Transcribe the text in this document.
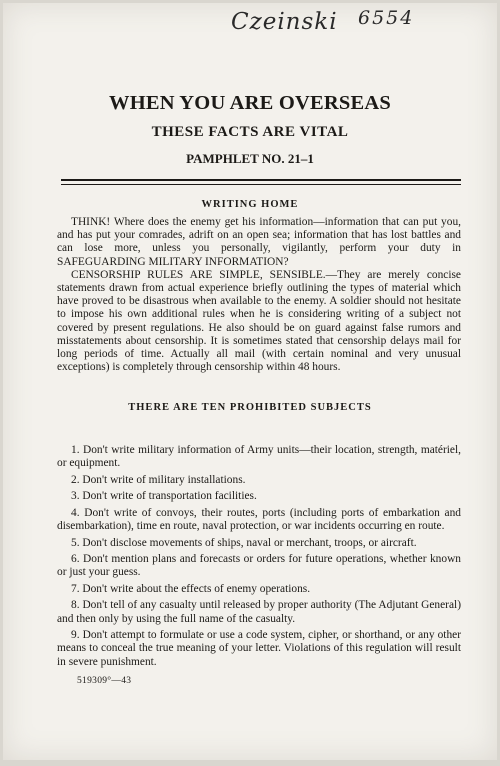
Czeinski 6554
WHEN YOU ARE OVERSEAS
THESE FACTS ARE VITAL
PAMPHLET NO. 21–1
WRITING HOME

THINK! Where does the enemy get his information—information that can put you, and has put your comrades, adrift on an open sea; information that has lost battles and can lose more, unless you personally, vigilantly, perform your duty in SAFEGUARDING MILITARY INFORMATION?

CENSORSHIP RULES ARE SIMPLE, SENSIBLE.—They are merely concise statements drawn from actual experience briefly outlining the types of material which have proved to be disastrous when available to the enemy. A soldier should not hesitate to impose his own additional rules when he is considering writing of a subject not covered by present regulations. He also should be on guard against false rumors and misstatements about censorship. It is sometimes stated that censorship delays mail for long periods of time. Actually all mail (with certain nominal and very unusual exceptions) is completely through censorship within 48 hours.

THERE ARE TEN PROHIBITED SUBJECTS
1. Don't write military information of Army units—their location, strength, matériel, or equipment.
2. Don't write of military installations.
3. Don't write of transportation facilities.
4. Don't write of convoys, their routes, ports (including ports of embarkation and disembarkation), time en route, naval protection, or war incidents occurring en route.
5. Don't disclose movements of ships, naval or merchant, troops, or aircraft.
6. Don't mention plans and forecasts or orders for future operations, whether known or just your guess.
7. Don't write about the effects of enemy operations.
8. Don't tell of any casualty until released by proper authority (The Adjutant General) and then only by using the full name of the casualty.
9. Don't attempt to formulate or use a code system, cipher, or shorthand, or any other means to conceal the true meaning of your letter. Violations of this regulation will result in severe punishment.
519309°—43
